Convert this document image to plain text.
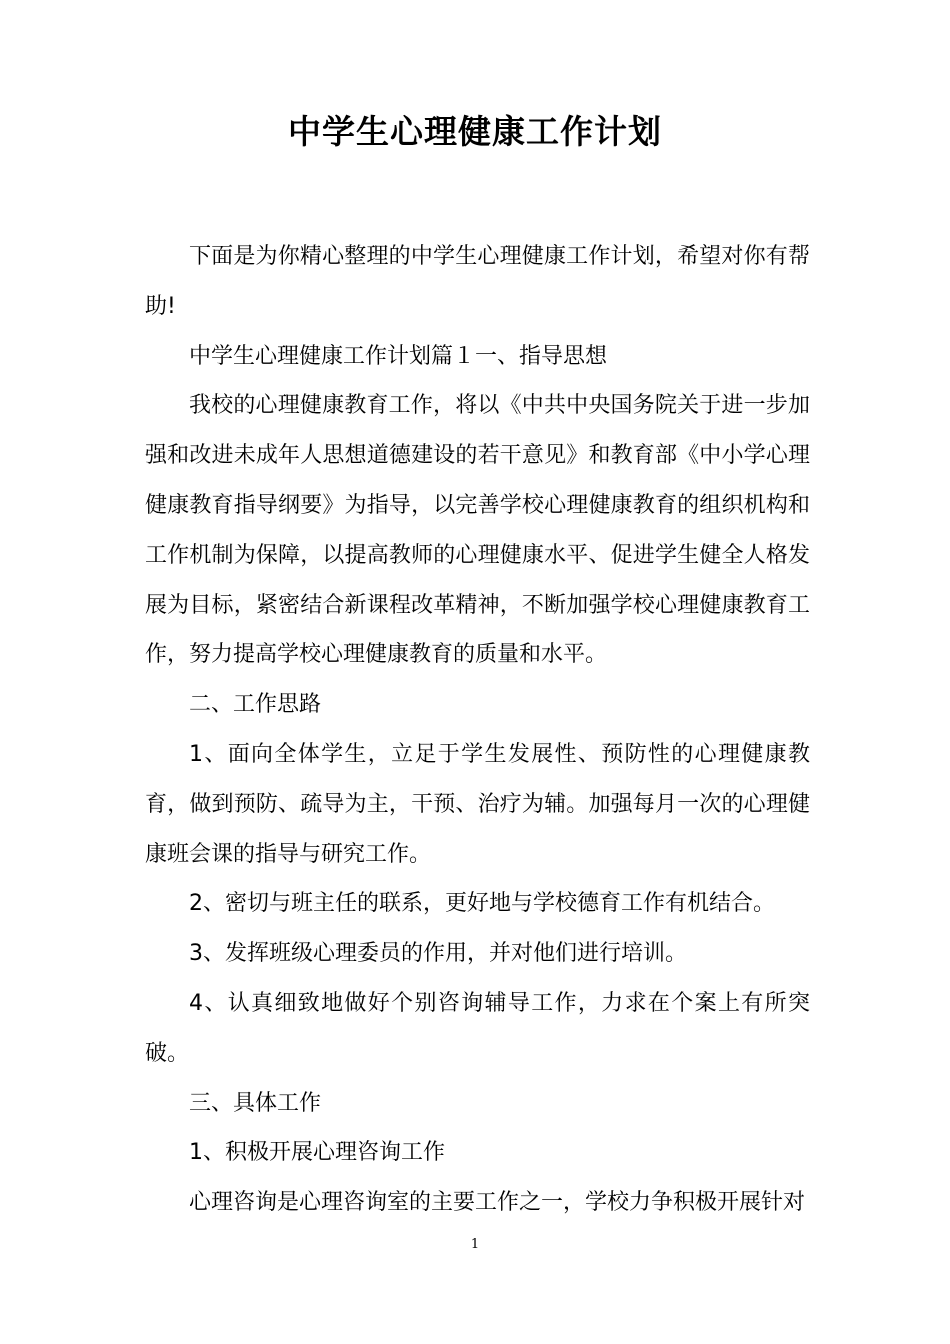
中学生心理健康工作计划

下面是为你精心整理的中学生心理健康工作计划，希望对你有帮助!

中学生心理健康工作计划篇１一、指导思想

我校的心理健康教育工作，将以《中共中央国务院关于进一步加强和改进未成年人思想道德建设的若干意见》和教育部《中小学心理健康教育指导纲要》为指导，以完善学校心理健康教育的组织机构和工作机制为保障，以提高教师的心理健康水平、促进学生健全人格发展为目标，紧密结合新课程改革精神，不断加强学校心理健康教育工作，努力提高学校心理健康教育的质量和水平。

二、工作思路

1、面向全体学生，立足于学生发展性、预防性的心理健康教育，做到预防、疏导为主，干预、治疗为辅。加强每月一次的心理健康班会课的指导与研究工作。

2、密切与班主任的联系，更好地与学校德育工作有机结合。

3、发挥班级心理委员的作用，并对他们进行培训。

4、认真细致地做好个别咨询辅导工作，力求在个案上有所突破。

三、具体工作

1、积极开展心理咨询工作

心理咨询是心理咨询室的主要工作之一，学校力争积极开展针对

1
